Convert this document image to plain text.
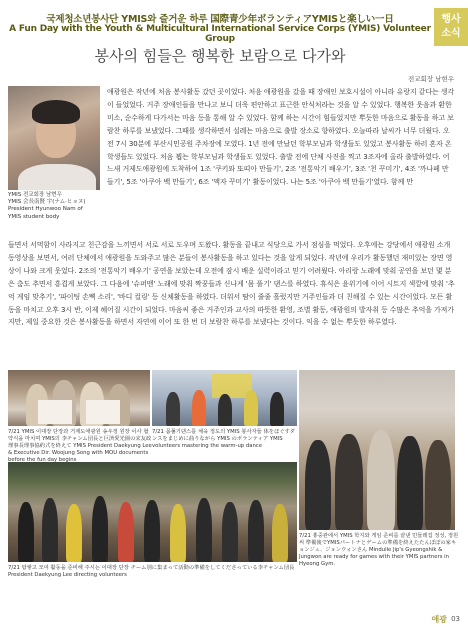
국제청소년봉사단 YMIS와 즐거운 하루 国際青少年ボランティアYMISと楽しい一日
A Fun Day with the Youth & Multicultural International Service Corps (YMIS) Volunteer Group
행사
소식
봉사의 힘들은 행복한 보람으로 다가와
전교회장 남현우
YMIS 전교회장 남현우
YMIS 会長南賢 宇(ナム·ヒョヌ)
President Hyunwoo Nam of
YMIS student body
애광원은 작년에 처음 봉사활동 갔던 곳이었다. 처음 애광원을 갔을 때 장애인 보호시설이 아니라 유랑지 같다는 생각이 들었었다. 거주 장애인들을 만나고 보니 더욱 편안하고 표근한 안식처라는 것을 알 수 있었다. 행복한 웃음과 환한 미소, 순수하게 다가서는 마음 등을 통해 알 수 있었다. 함께 하는 시간이 힘들었지만 뿌듯한 마음으로 활동을 하고 보람찬 하루를 보냈었다. 그때를 생각하면서 설레는 마음으로 출발 장소로 향하였다. 오늘따라 날씨가 너무 더웠다. 오전 7시 30분에 부산시민공원 주차장에 모였다. 1년 전에 만났던 학부모님과 학생들도 있었고 봉사활동 하러 혼자 온 학생들도 있었다. 처음 뵙는 학부모님과 학생들도 있었다. 출발 전에 단체 사진을 찍고 3조자에 올라 출발하였다. 어느새 거제도애광원에 도착하여 1조 '쿠키와 또띠아 만들기', 2조 '전통악기 배우기', 3조 '천 꾸미기', 4조 '까나페 만들기', 5조 '아쿠아 백 만들기', 6조 '액자 꾸미기' 활동이었다. 나는 5조 '아쿠아 백 만들기'였다. 함께 만
들면서 서먹함이 사라지고 친근감을 느끼면서 서로 서로 도우며 도왔다. 활동을 끝내고 식당으로 가서 점심을 먹었다. 오후에는 강당에서 애광원 소개 동영상을 보면서, 여러 단체에서 애광원을 도와주고 많은 분들이 봉사활동을 하고 있다는 것을 알게 되었다. 작년에 우리가 활동했던 재미있는 장면 영상이 나와 크게 웃었다. 2조의 '전통악기 배우기' 공연을 보았는데 오전에 잠시 배운 실력이라고 믿기 어려웠다. 아리랑 노래에 맞춰 공연을 보던 몇 분은 춤도 추면서 흥겹게 보았다. 그 다음에 '슈퍼맨' 노래에 맞춰 짝꿍들과 신나게 '몸 풀기' 댄스를 하였다. 휴식은 윤위기에 이어 시트지 색깔에 맞춰 '추억 게임 맞추기', '파이팅 손뼉 소리', '바디 컬링' 등 신체활동을 하였다. 더워서 땀이 줄줄 흘렀지만 거주인들과 더 친해질 수 있는 시간이었다. 모든 활동을 마치고 오후 3시 반, 이제 헤어질 시간이 되었다. 마음씨 좋은 거주인과 교사의 따뜻한 환영, 조별 활동, 애광원의 발자취 등 수많은 추억을 가져가지만, 제일 중요한 것은 봉사활동을 하면서 자연에 이어 또 한 번 더 보람찬 하루를 보냈다는 것이다. 익을 수 없는 뿌듯한 하루였다.
7/21 YMIS 이대장 단장과 거제도애광원 송우정 원장 이사 협약식을 마치며 YMIS의 李チャンム団長と巨済愛光園の宋友政理事長理事協約式を終えて YMIS President Daekyung Lee & Executive Dir. Woojung Song with MOU documents before the fun day begins
7/21 몸풀기댄스를 체육 정도의 YMIS 봉사자들 体をほぐすダンスをまじめに曲りながら YMIS のボランティア YMIS volunteers mastering the warm-up dance
7/21 홍중관에서 YMIS 학지와 게임 준비를 끝낸 민들레집 정성, 정원씨 準備後でYMISパートナとゲームの準備を終えたたんぽぽの家キョンジュ、ジョンウォンさん Mindulle Jip's Gyeongshik & Jungwon are ready for games with their YMIS partners in Hyeong Gym.
7/21 탑쌓고 모여 활동을 준비해 주시는 이대장 단장 チーム別に集まって活動の準備をしてくださっている李チャンム団長 President Daekyung Lee directing volunteers
애광 03
